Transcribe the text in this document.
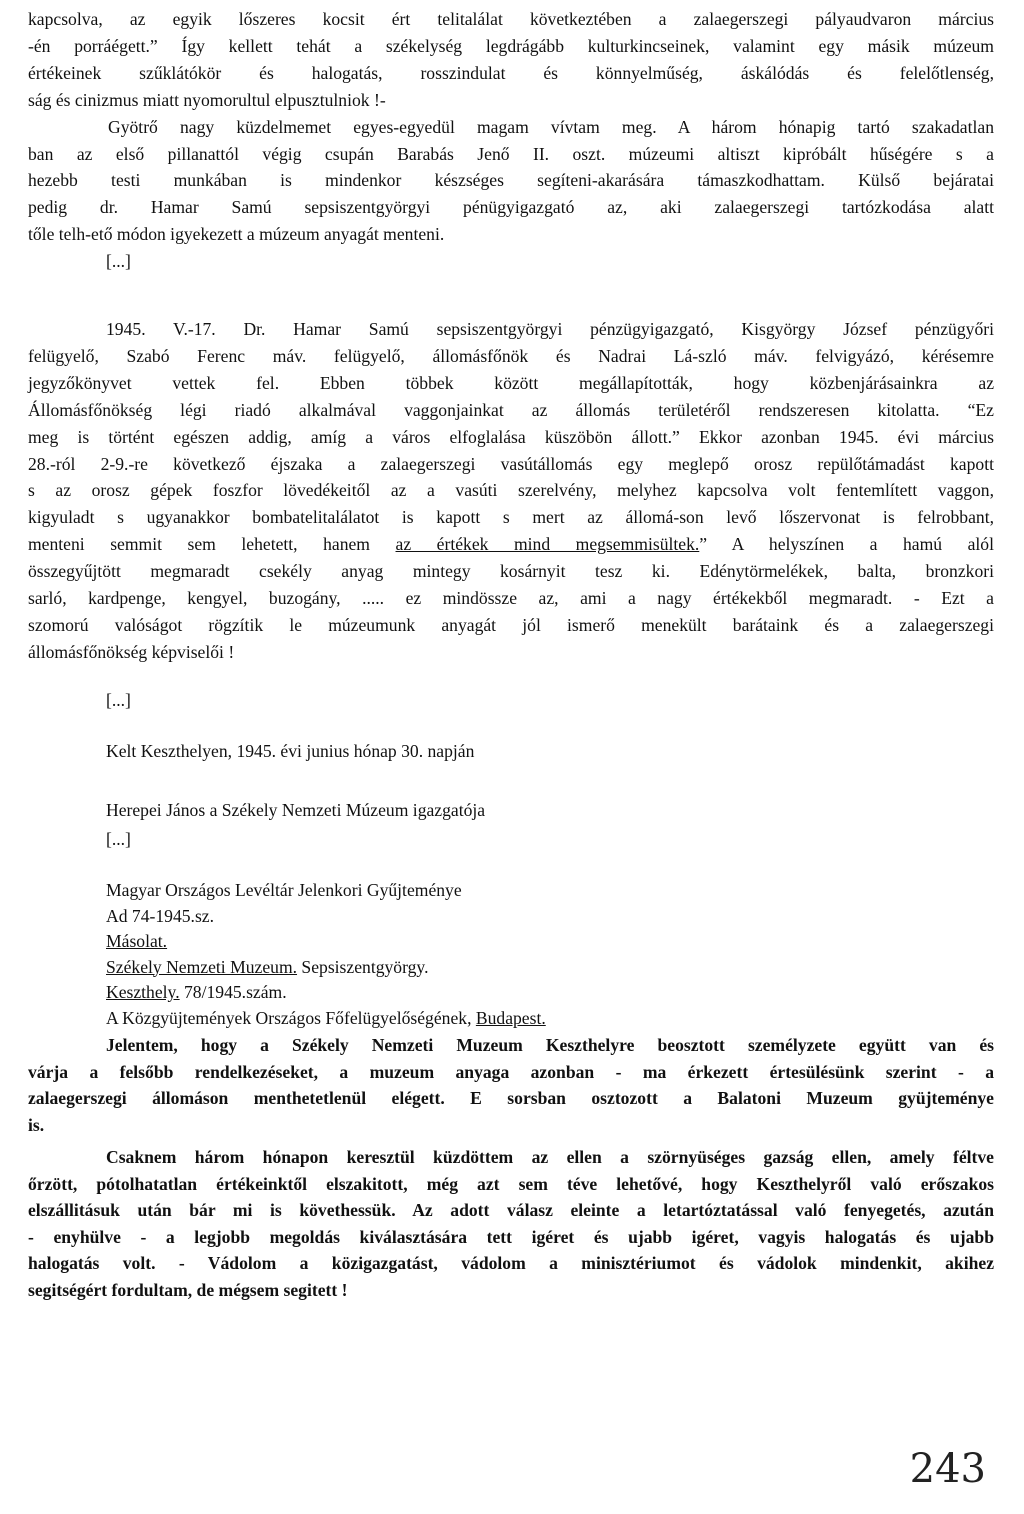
kapcsolva, az egyik lőszeres kocsit ért telitalálat következtében a zalaegerszegi pályaudvaron március
-én porráégett.” Így kellett tehát a székelység legdrágább kulturkincseinek, valamint egy másik múzeum
értékeinek szűklátókör és halogatás, rosszindulat és könnyelműség, áskálódás és felelőtlenség,
ság és cinizmus miatt nyomorultul elpusztulniok !-
Gyötrő nagy küzdelmemet egyes-egyedül magam vívtam meg. A három hónapig tartó szakadatlan
ban az első pillanattól végig csupán Barabás Jenő II. oszt. múzeumi altiszt kipróbált hűségére s a
hezebb testi munkában is mindenkor készséges segíteni-akarására támaszkodhattam. Külső bejáratai
pedig dr. Hamar Samú sepsiszentgyörgyi pénügyigazgató az, aki zalaegerszegi tartózkodása alatt
tőle telh-ető módon igyekezett a múzeum anyagát menteni.
[...]
1945. V.-17. Dr. Hamar Samú sepsiszentgyörgyi pénzügyigazgató, Kisgyörgy József pénzügyőri
felügyelő, Szabó Ferenc máv. felügyelő, állomásfőnök és Nadrai Lá-szló máv. felvigyázó, kérésemre
jegyzőkönyvet vettek fel. Ebben többek között megállapították, hogy közbenjárásainkra az
Állomásfőnökség légi riadó alkalmával vaggonjainkat az állomás területéről rendszeresen kitolatta. “Ez
meg is történt egészen addig, amíg a város elfoglalása küszöbön állott.” Ekkor azonban 1945. évi március
28.-ról 2-9.-re következő éjszaka a zalaegerszegi vasútállomás egy meglepő orosz repülőtámadást kapott
s az orosz gépek foszfor lövedékeitől az a vasúti szerelvény, melyhez kapcsolva volt fentemlített vaggon,
kigyuladt s ugyanakkor bombatelitalálatot is kapott s mert az állomá-son levő lőszervonat is felrobbant,
menteni semmit sem lehetett, hanem az értékek mind megsemmisültek.” A helyszínen a hamú alól
összegyűjtött megmaradt csekély anyag mintegy kosárnyit tesz ki. Edénytörmelékek, balta, bronzkori
sarló, kardpenge, kengyel, buzogány, ..... ez mindössze az, ami a nagy értékekből megmaradt. - Ezt a
szomorú valóságot rögzítik le múzeumunk anyagát jól ismerő menekült barátaink és a zalaegerszegi
állomásfőnökség képviselői !
[...]
Kelt Keszthelyen, 1945. évi junius hónap 30. napján
Herepei János a Székely Nemzeti Múzeum igazgatója
[...]
Magyar Országos Levéltár Jelenkori Gyűjteménye
Ad 74-1945.sz.
Másolat.
Székely Nemzeti Muzeum. Sepsiszentgyörgy.
Keszthely. 78/1945.szám.
A Közgyüjtemények Országos Főfelügyelőségének, Budapest.
Jelentem, hogy a Székely Nemzeti Muzeum Keszthelyre beosztott személyzete együtt van és
várja a felsőbb rendelkezéseket, a muzeum anyaga azonban - ma érkezett értesülésünk szerint - a
zalaegerszegi állomáson menthetetlenül elégett. E sorsban osztozott a Balatoni Muzeum gyüjteménye
is.
Csaknem három hónapon keresztül küzdöttem az ellen a szörnyüséges gazság ellen, amely féltve
őrzött, pótolhatatlan értékeinktől elszakitott, még azt sem téve lehetővé, hogy Keszthelyről való erőszakos
elszállitásuk után bár mi is követhessük. Az adott válasz eleinte a letartóztatással való fenyegetés, azután
- enyhülve - a legjobb megoldás kiválasztására tett igéret és ujabb igéret, vagyis halogatás és ujabb
halogatás volt. - Vádolom a közigazgatást, vádolom a minisztériumot és vádolok mindenkit, akihez
segitségért fordultam, de mégsem segitett !
243
